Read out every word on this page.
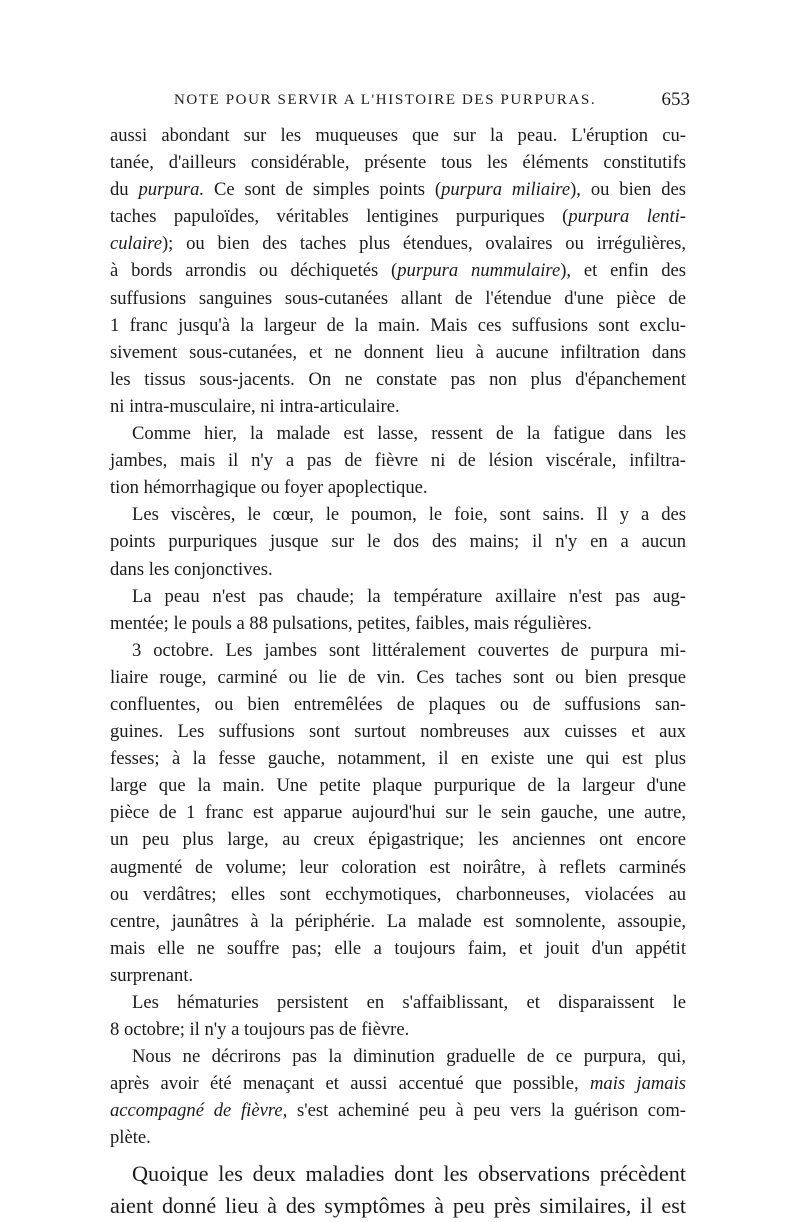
NOTE POUR SERVIR A L'HISTOIRE DES PURPURAS.	653
aussi abondant sur les muqueuses que sur la peau. L'éruption cu-
tanée, d'ailleurs considérable, présente tous les éléments constitutifs
du purpura. Ce sont de simples points (purpura miliaire), ou bien des
taches papuloïdes, véritables lentigines purpuriques (purpura lenti-
culaire); ou bien des taches plus étendues, ovalaires ou irrégulières,
à bords arrondis ou déchiquetés (purpura nummulaire), et enfin des
suffusions sanguines sous-cutanées allant de l'étendue d'une pièce de
1 franc jusqu'à la largeur de la main. Mais ces suffusions sont exclu-
sivement sous-cutanées, et ne donnent lieu à aucune infiltration dans
les tissus sous-jacents. On ne constate pas non plus d'épanchement
ni intra-musculaire, ni intra-articulaire.
Comme hier, la malade est lasse, ressent de la fatigue dans les
jambes, mais il n'y a pas de fièvre ni de lésion viscérale, infiltra-
tion hémorrhagique ou foyer apoplectique.
Les viscères, le cœur, le poumon, le foie, sont sains. Il y a des
points purpuriques jusque sur le dos des mains; il n'y en a aucun
dans les conjonctives.
La peau n'est pas chaude; la température axillaire n'est pas aug-
mentée; le pouls a 88 pulsations, petites, faibles, mais régulières.
3 octobre. Les jambes sont littéralement couvertes de purpura mi-
liaire rouge, carminé ou lie de vin. Ces taches sont ou bien presque
confluentes, ou bien entremêlées de plaques ou de suffusions san-
guines. Les suffusions sont surtout nombreuses aux cuisses et aux
fesses; à la fesse gauche, notamment, il en existe une qui est plus
large que la main. Une petite plaque purpurique de la largeur d'une
pièce de 1 franc est apparue aujourd'hui sur le sein gauche, une autre,
un peu plus large, au creux épigastrique; les anciennes ont encore
augmenté de volume; leur coloration est noirâtre, à reflets carminés
ou verdâtres; elles sont ecchymotiques, charbonneuses, violacées au
centre, jaunâtres à la périphérie. La malade est somnolente, assoupie,
mais elle ne souffre pas; elle a toujours faim, et jouit d'un appétit
surprenant.
Les hématuries persistent en s'affaiblissant, et disparaissent le
8 octobre; il n'y a toujours pas de fièvre.
Nous ne décrirons pas la diminution graduelle de ce purpura, qui,
après avoir été menaçant et aussi accentué que possible, mais jamais
accompagné de fièvre, s'est acheminé peu à peu vers la guérison com-
plète.
Quoique les deux maladies dont les observations précèdent
aient donné lieu à des symptômes à peu près similaires, il est
